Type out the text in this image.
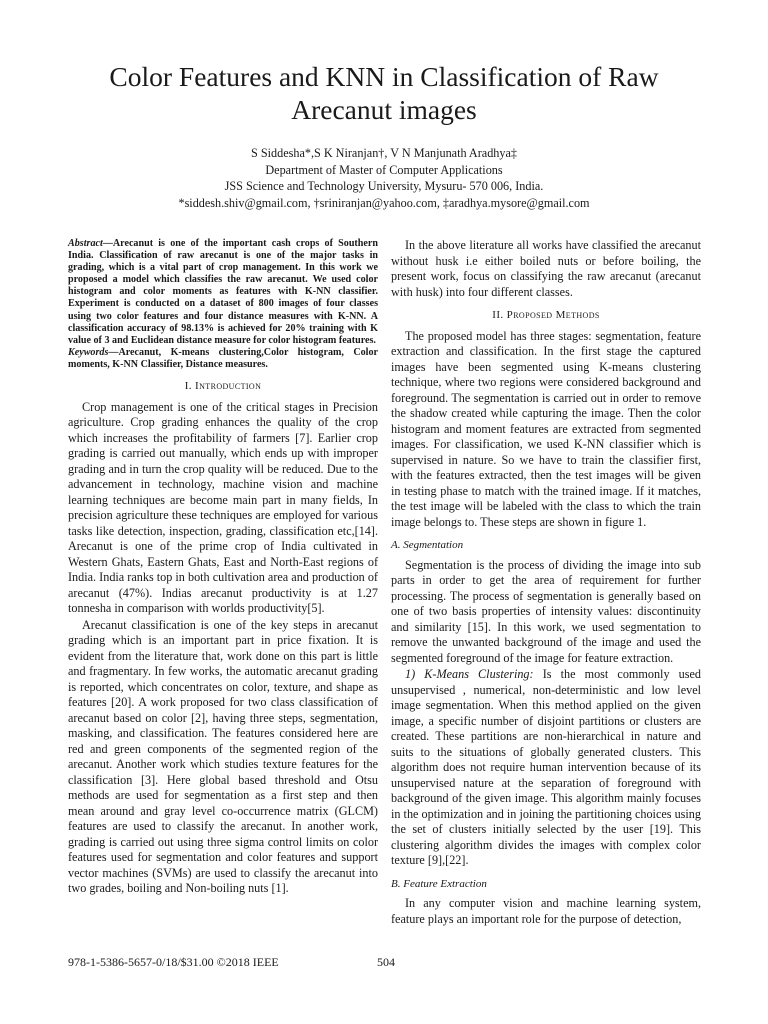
Color Features and KNN in Classification of Raw
Arecanut images
S Siddesha*,S K Niranjan†, V N Manjunath Aradhya‡
Department of Master of Computer Applications
JSS Science and Technology University, Mysuru- 570 006, India.
*siddesh.shiv@gmail.com, †sriniranjan@yahoo.com, ‡aradhya.mysore@gmail.com

Abstract—Arecanut is one of the important cash crops of Southern India. Classification of raw arecanut is one of the major tasks in grading, which is a vital part of crop management. In this work we proposed a model which classifies the raw arecanut. We used color histogram and color moments as features with K-NN classifier. Experiment is conducted on a dataset of 800 images of four classes using two color features and four distance measures with K-NN. A classification accuracy of 98.13% is achieved for 20% training with K value of 3 and Euclidean distance measure for color histogram features.
Keywords—Arecanut, K-means clustering,Color histogram, Color moments, K-NN Classifier, Distance measures.

I. Introduction

Crop management is one of the critical stages in Precision agriculture. Crop grading enhances the quality of the crop which increases the profitability of farmers [7]. Earlier crop grading is carried out manually, which ends up with improper grading and in turn the crop quality will be reduced. Due to the advancement in technology, machine vision and machine learning techniques are become main part in many fields, In precision agriculture these techniques are employed for various tasks like detection, inspection, grading, classification etc,[14]. Arecanut is one of the prime crop of India cultivated in Western Ghats, Eastern Ghats, East and North-East regions of India. India ranks top in both cultivation area and production of arecanut (47%). Indias arecanut productivity is at 1.27 tonnesha in comparison with worlds productivity[5].

Arecanut classification is one of the key steps in arecanut grading which is an important part in price fixation. It is evident from the literature that, work done on this part is little and fragmentary. In few works, the automatic arecanut grading is reported, which concentrates on color, texture, and shape as features [20]. A work proposed for two class classification of arecanut based on color [2], having three steps, segmentation, masking, and classification. The features considered here are red and green components of the segmented region of the arecanut. Another work which studies texture features for the classification [3]. Here global based threshold and Otsu methods are used for segmentation as a first step and then mean around and gray level co-occurrence matrix (GLCM) features are used to classify the arecanut. In another work, grading is carried out using three sigma control limits on color features used for segmentation and color features and support vector machines (SVMs) are used to classify the arecanut into two grades, boiling and Non-boiling nuts [1].

In the above literature all works have classified the arecanut without husk i.e either boiled nuts or before boiling, the present work, focus on classifying the raw arecanut (arecanut with husk) into four different classes.

II. Proposed Methods

The proposed model has three stages: segmentation, feature extraction and classification. In the first stage the captured images have been segmented using K-means clustering technique, where two regions were considered background and foreground. The segmentation is carried out in order to remove the shadow created while capturing the image. Then the color histogram and moment features are extracted from segmented images. For classification, we used K-NN classifier which is supervised in nature. So we have to train the classifier first, with the features extracted, then the test images will be given in testing phase to match with the trained image. If it matches, the test image will be labeled with the class to which the train image belongs to. These steps are shown in figure 1.

A. Segmentation

Segmentation is the process of dividing the image into sub parts in order to get the area of requirement for further processing. The process of segmentation is generally based on one of two basis properties of intensity values: discontinuity and similarity [15]. In this work, we used segmentation to remove the unwanted background of the image and used the segmented foreground of the image for feature extraction.

1) K-Means Clustering: Is the most commonly used unsupervised , numerical, non-deterministic and low level image segmentation. When this method applied on the given image, a specific number of disjoint partitions or clusters are created. These partitions are non-hierarchical in nature and suits to the situations of globally generated clusters. This algorithm does not require human intervention because of its unsupervised nature at the separation of foreground with background of the given image. This algorithm mainly focuses in the optimization and in joining the partitioning choices using the set of clusters initially selected by the user [19]. This clustering algorithm divides the images with complex color texture [9],[22].

B. Feature Extraction

In any computer vision and machine learning system, feature plays an important role for the purpose of detection,

978-1-5386-5657-0/18/$31.00 ©2018 IEEE	504
